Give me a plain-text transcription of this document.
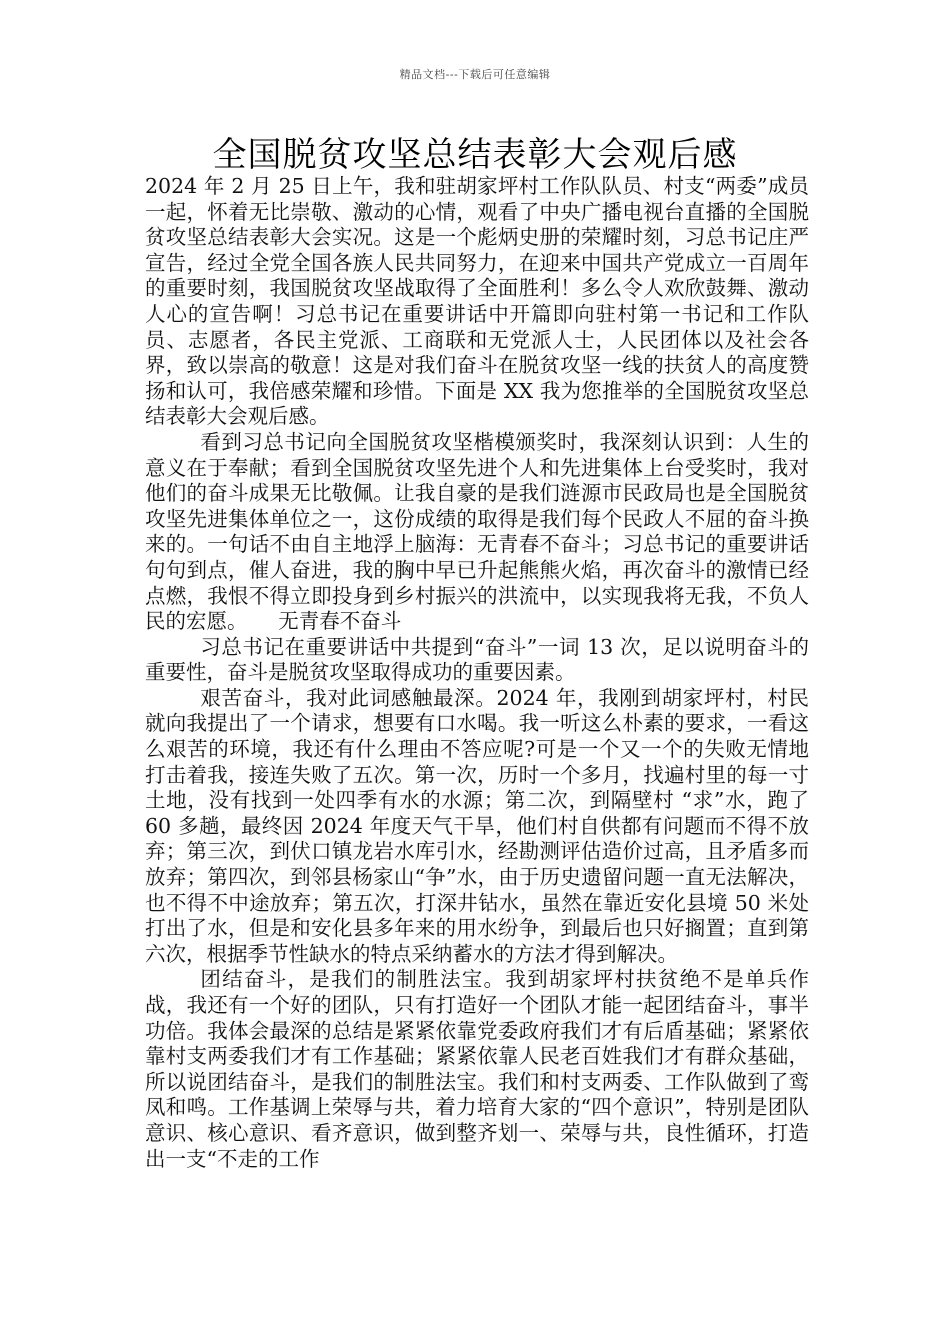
精品文档---下载后可任意编辑
全国脱贫攻坚总结表彰大会观后感

2024 年 2 月 25 日上午，我和驻胡家坪村工作队队员、村支“两委”成员一起，怀着无比崇敬、激动的心情，观看了中央广播电视台直播的全国脱贫攻坚总结表彰大会实况。这是一个彪炳史册的荣耀时刻，习总书记庄严宣告，经过全党全国各族人民共同努力，在迎来中国共产党成立一百周年的重要时刻，我国脱贫攻坚战取得了全面胜利！多么令人欢欣鼓舞、激动人心的宣告啊！习总书记在重要讲话中开篇即向驻村第一书记和工作队员、志愿者，各民主党派、工商联和无党派人士，人民团体以及社会各界，致以崇高的敬意！这是对我们奋斗在脱贫攻坚一线的扶贫人的高度赞扬和认可，我倍感荣耀和珍惜。下面是 XX 我为您推举的全国脱贫攻坚总结表彰大会观后感。

看到习总书记向全国脱贫攻坚楷模颁奖时，我深刻认识到：人生的意义在于奉献；看到全国脱贫攻坚先进个人和先进集体上台受奖时，我对他们的奋斗成果无比敬佩。让我自豪的是我们涟源市民政局也是全国脱贫攻坚先进集体单位之一，这份成绩的取得是我们每个民政人不屈的奋斗换来的。一句话不由自主地浮上脑海：无青春不奋斗；习总书记的重要讲话句句到点，催人奋进，我的胸中早已升起熊熊火焰，再次奋斗的激情已经点燃，我恨不得立即投身到乡村振兴的洪流中，以实现我将无我，不负人民的宏愿。　　无青春不奋斗

习总书记在重要讲话中共提到“奋斗”一词 13 次，足以说明奋斗的重要性，奋斗是脱贫攻坚取得成功的重要因素。

艰苦奋斗，我对此词感触最深。2024 年，我刚到胡家坪村，村民就向我提出了一个请求，想要有口水喝。我一听这么朴素的要求，一看这么艰苦的环境，我还有什么理由不答应呢?可是一个又一个的失败无情地打击着我，接连失败了五次。第一次，历时一个多月，找遍村里的每一寸土地，没有找到一处四季有水的水源；第二次，到隔壁村 “求”水，跑了 60 多趟，最终因 2024 年度天气干旱，他们村自供都有问题而不得不放弃；第三次，到伏口镇龙岩水库引水，经勘测评估造价过高，且矛盾多而放弃；第四次，到邻县杨家山“争”水，由于历史遗留问题一直无法解决，也不得不中途放弃；第五次，打深井钻水，虽然在靠近安化县境 50 米处打出了水，但是和安化县多年来的用水纷争，到最后也只好搁置；直到第六次，根据季节性缺水的特点采纳蓄水的方法才得到解决。

团结奋斗，是我们的制胜法宝。我到胡家坪村扶贫绝不是单兵作战，我还有一个好的团队，只有打造好一个团队才能一起团结奋斗，事半功倍。我体会最深的总结是紧紧依靠党委政府我们才有后盾基础；紧紧依靠村支两委我们才有工作基础；紧紧依靠人民老百姓我们才有群众基础，所以说团结奋斗，是我们的制胜法宝。我们和村支两委、工作队做到了鸾凤和鸣。工作基调上荣辱与共，着力培育大家的“四个意识”，特别是团队意识、核心意识、看齐意识，做到整齐划一、荣辱与共，良性循环，打造出一支“不走的工作
